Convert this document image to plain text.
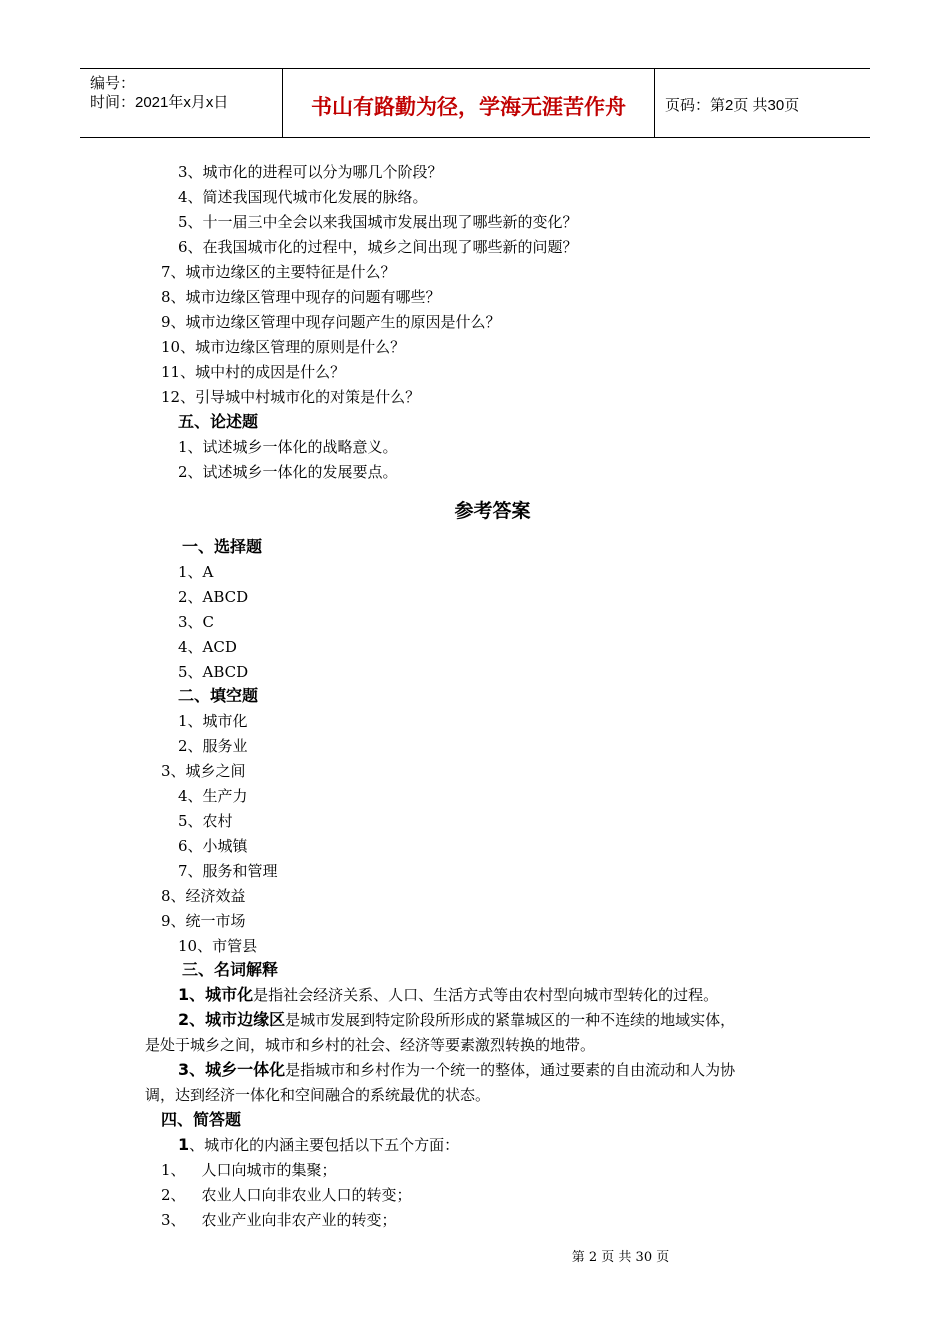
编号：
时间：2021年x月x日	书山有路勤为径，学海无涯苦作舟	页码：第2页 共30页
3、城市化的进程可以分为哪几个阶段？
4、简述我国现代城市化发展的脉络。
5、十一届三中全会以来我国城市发展出现了哪些新的变化？
6、在我国城市化的过程中，城乡之间出现了哪些新的问题？
7、城市边缘区的主要特征是什么？
8、城市边缘区管理中现存的问题有哪些？
9、城市边缘区管理中现存问题产生的原因是什么？
10、城市边缘区管理的原则是什么？
11、城中村的成因是什么？
12、引导城中村城市化的对策是什么？
五、论述题
1、试述城乡一体化的战略意义。
2、试述城乡一体化的发展要点。
参考答案
一、选择题
1、A
2、ABCD
3、C
4、ACD
5、ABCD
二、填空题
1、城市化
2、服务业
3、城乡之间
4、生产力
5、农村
6、小城镇
7、服务和管理
8、经济效益
9、统一市场
10、市管县
三、名词解释
1、城市化是指社会经济关系、人口、生活方式等由农村型向城市型转化的过程。
2、城市边缘区是城市发展到特定阶段所形成的紧靠城区的一种不连续的地域实体，
是处于城乡之间，城市和乡村的社会、经济等要素激烈转换的地带。
3、城乡一体化是指城市和乡村作为一个统一的整体，通过要素的自由流动和人为协
调，达到经济一体化和空间融合的系统最优的状态。
四、简答题
1、城市化的内涵主要包括以下五个方面：
1、 人口向城市的集聚；
2、 农业人口向非农业人口的转变；
3、 农业产业向非农产业的转变；
第 2 页 共 30 页
